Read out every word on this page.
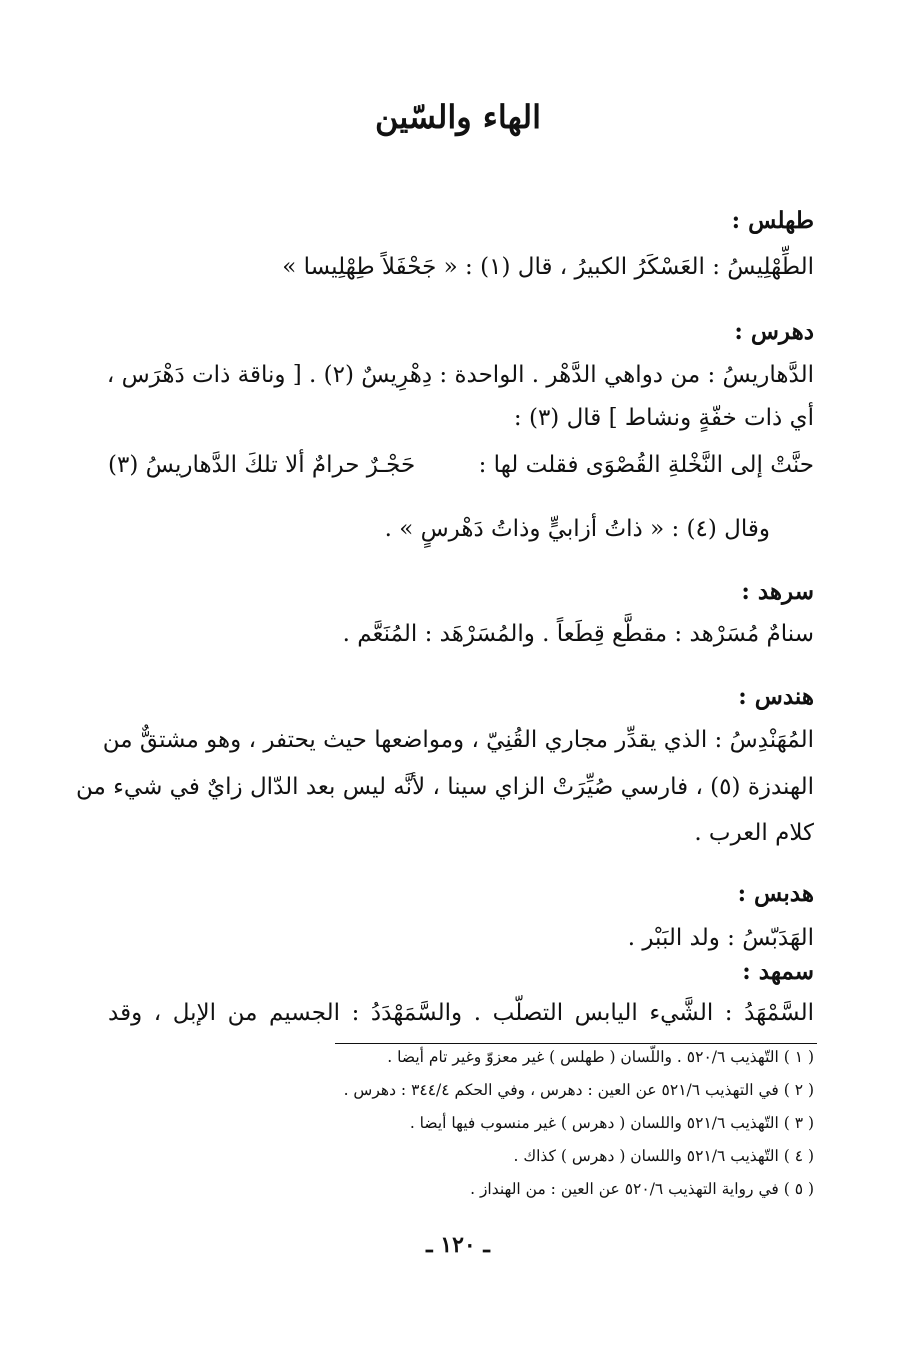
الهاء والسّين
طهلس :
الطِّهْلِيسُ : العَسْكَرُ الكبيرُ ، قال (١) : « جَحْفَلاً طِهْلِيسا »
دهرس :
الدَّهاريسُ : من دواهي الدَّهْر . الواحدة : دِهْرِيسٌ (٢) . [ وناقة ذات دَهْرَس ،
أي ذات خفّةٍ ونشاط ] قال (٣) :
حنَّتْ إلى النَّخْلةِ القُصْوَى فقلت لها :
حَجْـرٌ حرامٌ ألا تلكَ الدَّهاريسُ (٣)
وقال (٤) : « ذاتُ أزابيٍّ وذاتُ دَهْرسٍ » .
سرهد :
سنامٌ مُسَرْهد : مقطَّع قِطَعاً . والمُسَرْهَد : المُنَعَّم .
هندس :
المُهَنْدِسُ : الذي يقدِّر مجاري القُنِيّ ، ومواضعها حيث يحتفر ، وهو مشتقٌّ من
الهندزة (٥) ، فارسي صُيِّرَتْ الزاي سينا ، لأنَّه ليس بعد الدّال زايٌ في شيء من
كلام العرب .
هدبس :
الهَدَبّسُ : ولد البَبْر .
سمهد :
السَّمْهَدُ : الشَّيء اليابس التصلّب . والسَّمَهْدَدُ : الجسيم من الإبل ، وقد
( ١ ) التّهذيب ٥٢٠/٦ . واللّسان ( طهلس ) غير معزوّ وغير تام أيضا .
( ٢ ) في التهذيب ٥٢١/٦ عن العين : دهرس ، وفي الحكم ٣٤٤/٤ : دهرس .
( ٣ ) التّهذيب ٥٢١/٦ واللسان ( دهرس ) غير منسوب فيها أيضا .
( ٤ ) التّهذيب ٥٢١/٦ واللسان ( دهرس ) كذاك .
( ٥ ) في رواية التهذيب ٥٢٠/٦ عن العين : من الهنداز .
ـ ١٢٠ ـ
